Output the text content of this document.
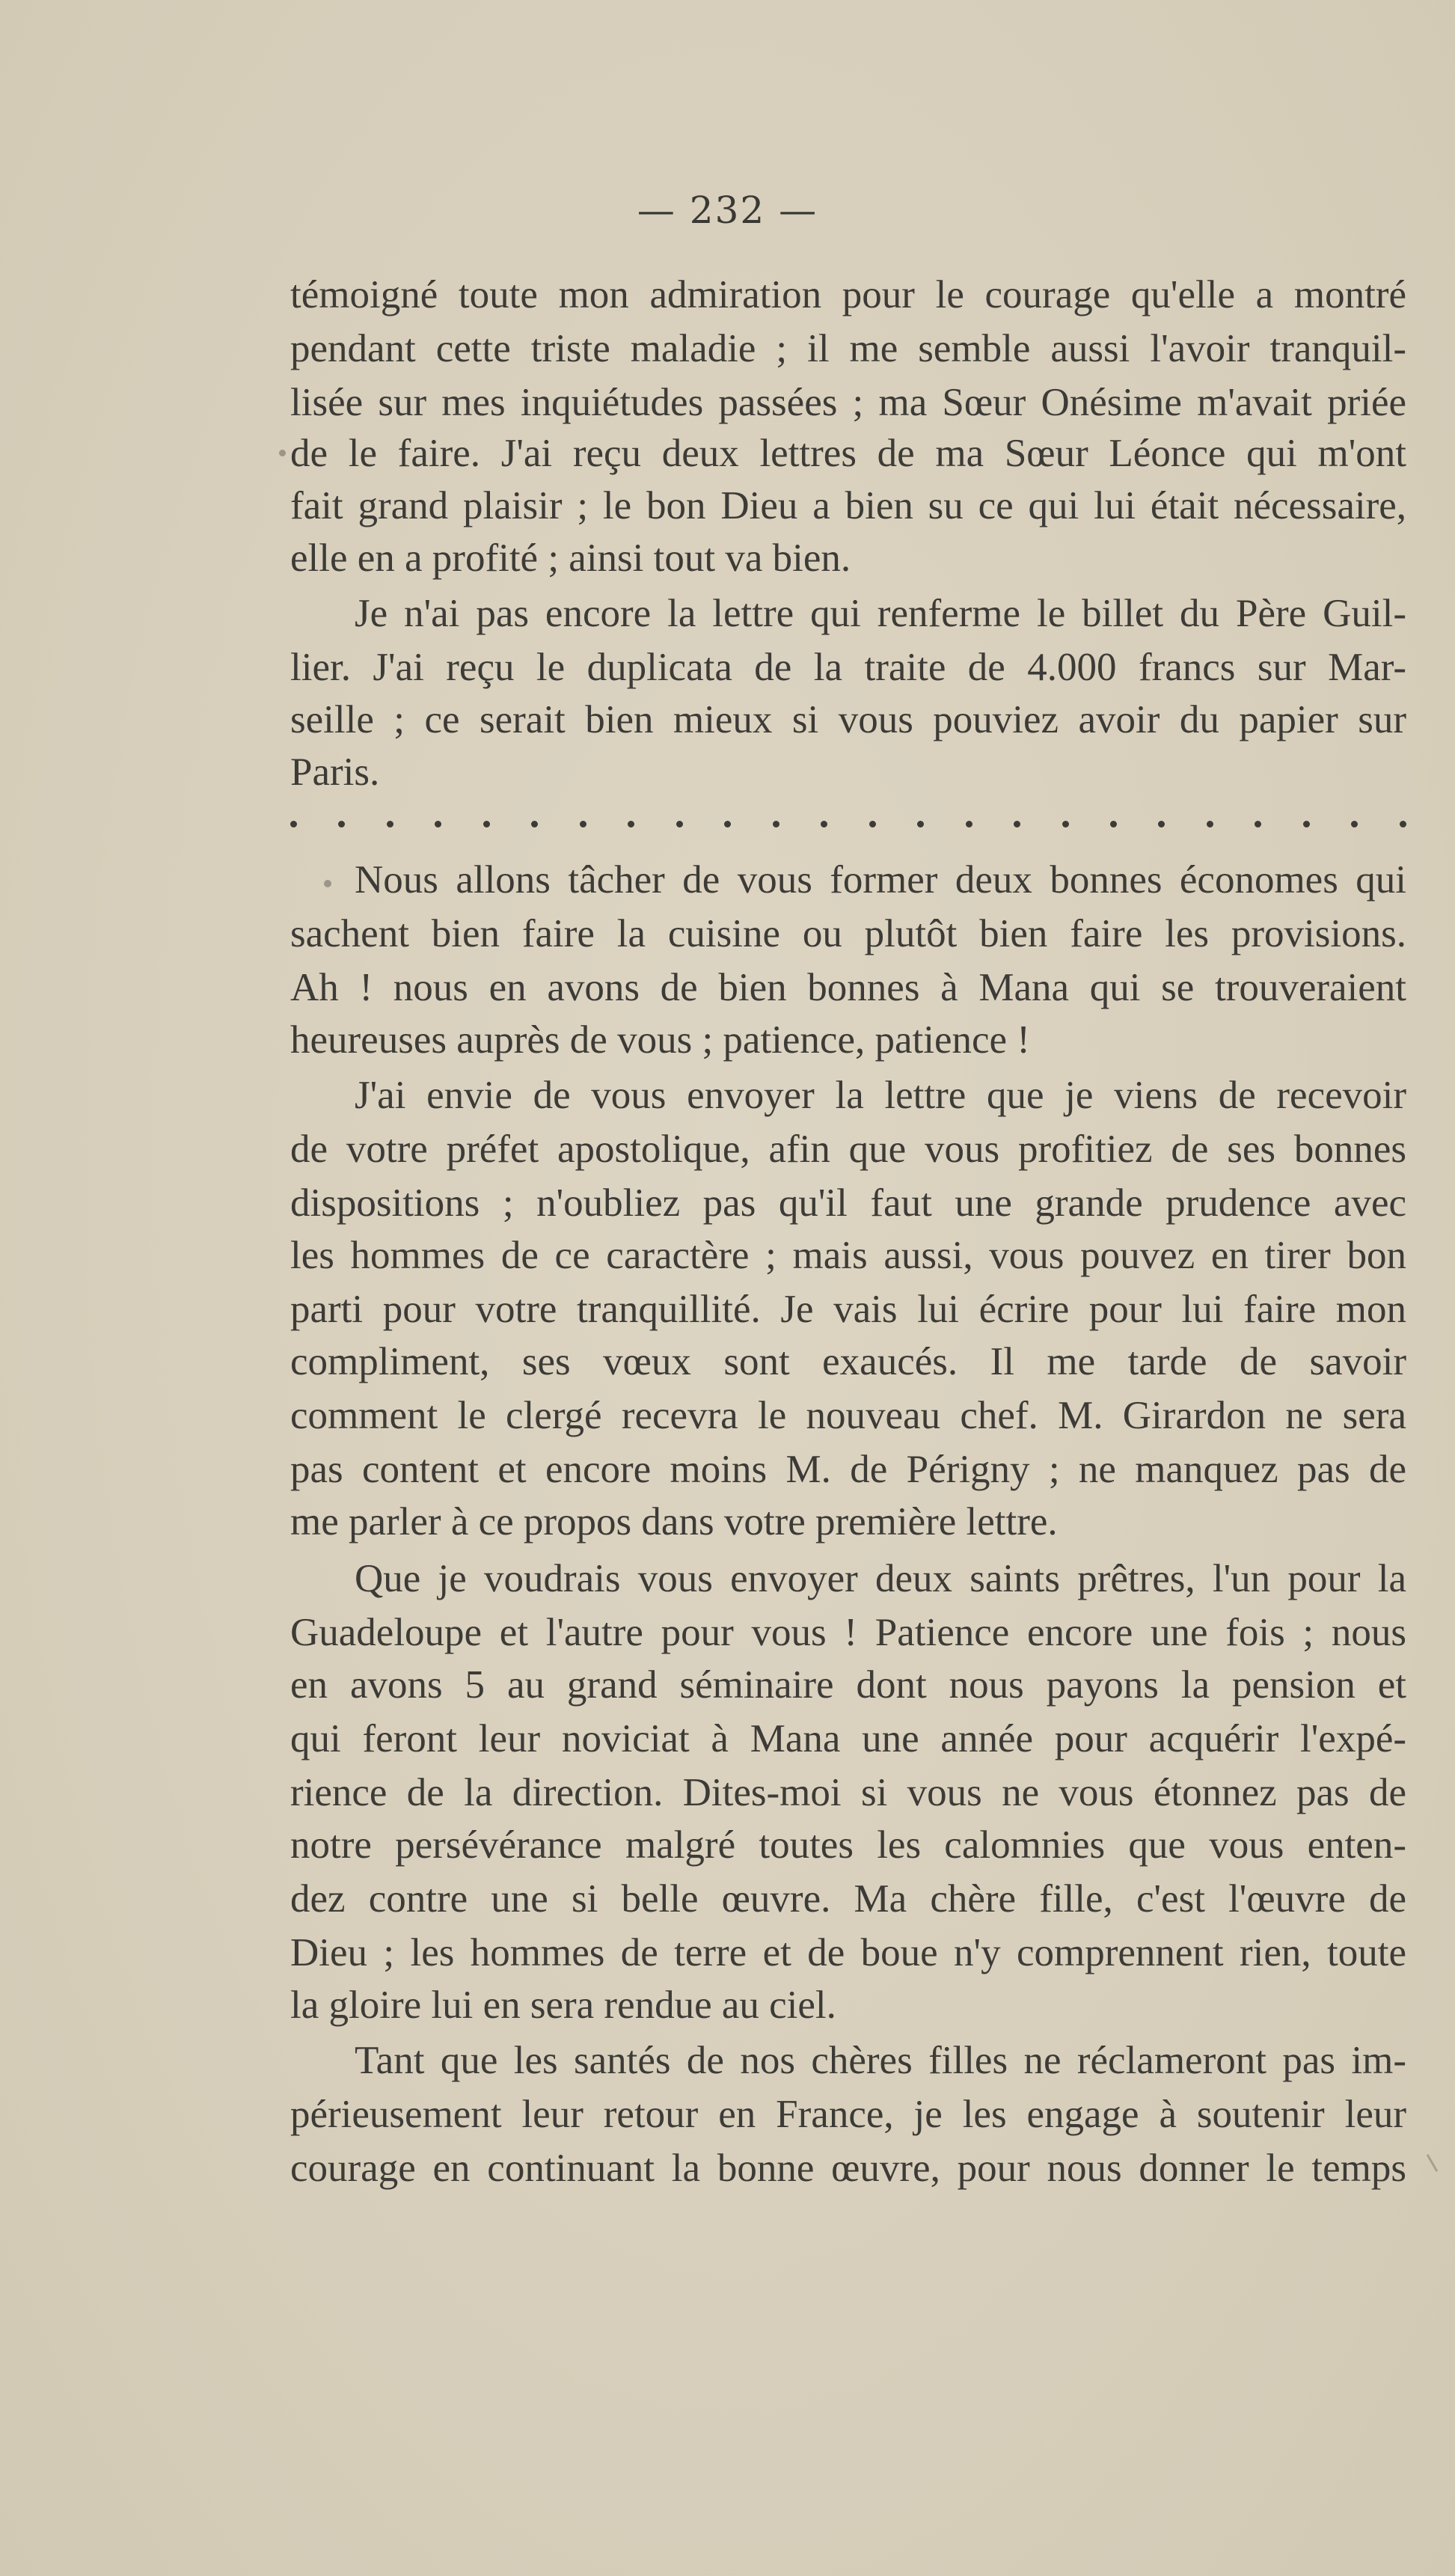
— 232 —
témoigné toute mon admiration pour le courage qu'elle a montré
pendant cette triste maladie ; il me semble aussi l'avoir tranquil-
lisée sur mes inquiétudes passées ; ma Sœur Onésime m'avait priée
de le faire. J'ai reçu deux lettres de ma Sœur Léonce qui m'ont
fait grand plaisir ; le bon Dieu a bien su ce qui lui était nécessaire,
elle en a profité ; ainsi tout va bien.
Je n'ai pas encore la lettre qui renferme le billet du Père Guil-
lier. J'ai reçu le duplicata de la traite de 4.000 francs sur Mar-
seille ; ce serait bien mieux si vous pouviez avoir du papier sur
Paris.
Nous allons tâcher de vous former deux bonnes économes qui
sachent bien faire la cuisine ou plutôt bien faire les provisions.
Ah ! nous en avons de bien bonnes à Mana qui se trouveraient
heureuses auprès de vous ; patience, patience !
J'ai envie de vous envoyer la lettre que je viens de recevoir
de votre préfet apostolique, afin que vous profitiez de ses bonnes
dispositions ; n'oubliez pas qu'il faut une grande prudence avec
les hommes de ce caractère ; mais aussi, vous pouvez en tirer bon
parti pour votre tranquillité. Je vais lui écrire pour lui faire mon
compliment, ses vœux sont exaucés. Il me tarde de savoir
comment le clergé recevra le nouveau chef. M. Girardon ne sera
pas content et encore moins M. de Périgny ; ne manquez pas de
me parler à ce propos dans votre première lettre.
Que je voudrais vous envoyer deux saints prêtres, l'un pour la
Guadeloupe et l'autre pour vous ! Patience encore une fois ; nous
en avons 5 au grand séminaire dont nous payons la pension et
qui feront leur noviciat à Mana une année pour acquérir l'expé-
rience de la direction. Dites-moi si vous ne vous étonnez pas de
notre persévérance malgré toutes les calomnies que vous enten-
dez contre une si belle œuvre. Ma chère fille, c'est l'œuvre de
Dieu ; les hommes de terre et de boue n'y comprennent rien, toute
la gloire lui en sera rendue au ciel.
Tant que les santés de nos chères filles ne réclameront pas im-
périeusement leur retour en France, je les engage à soutenir leur
courage en continuant la bonne œuvre, pour nous donner le temps
